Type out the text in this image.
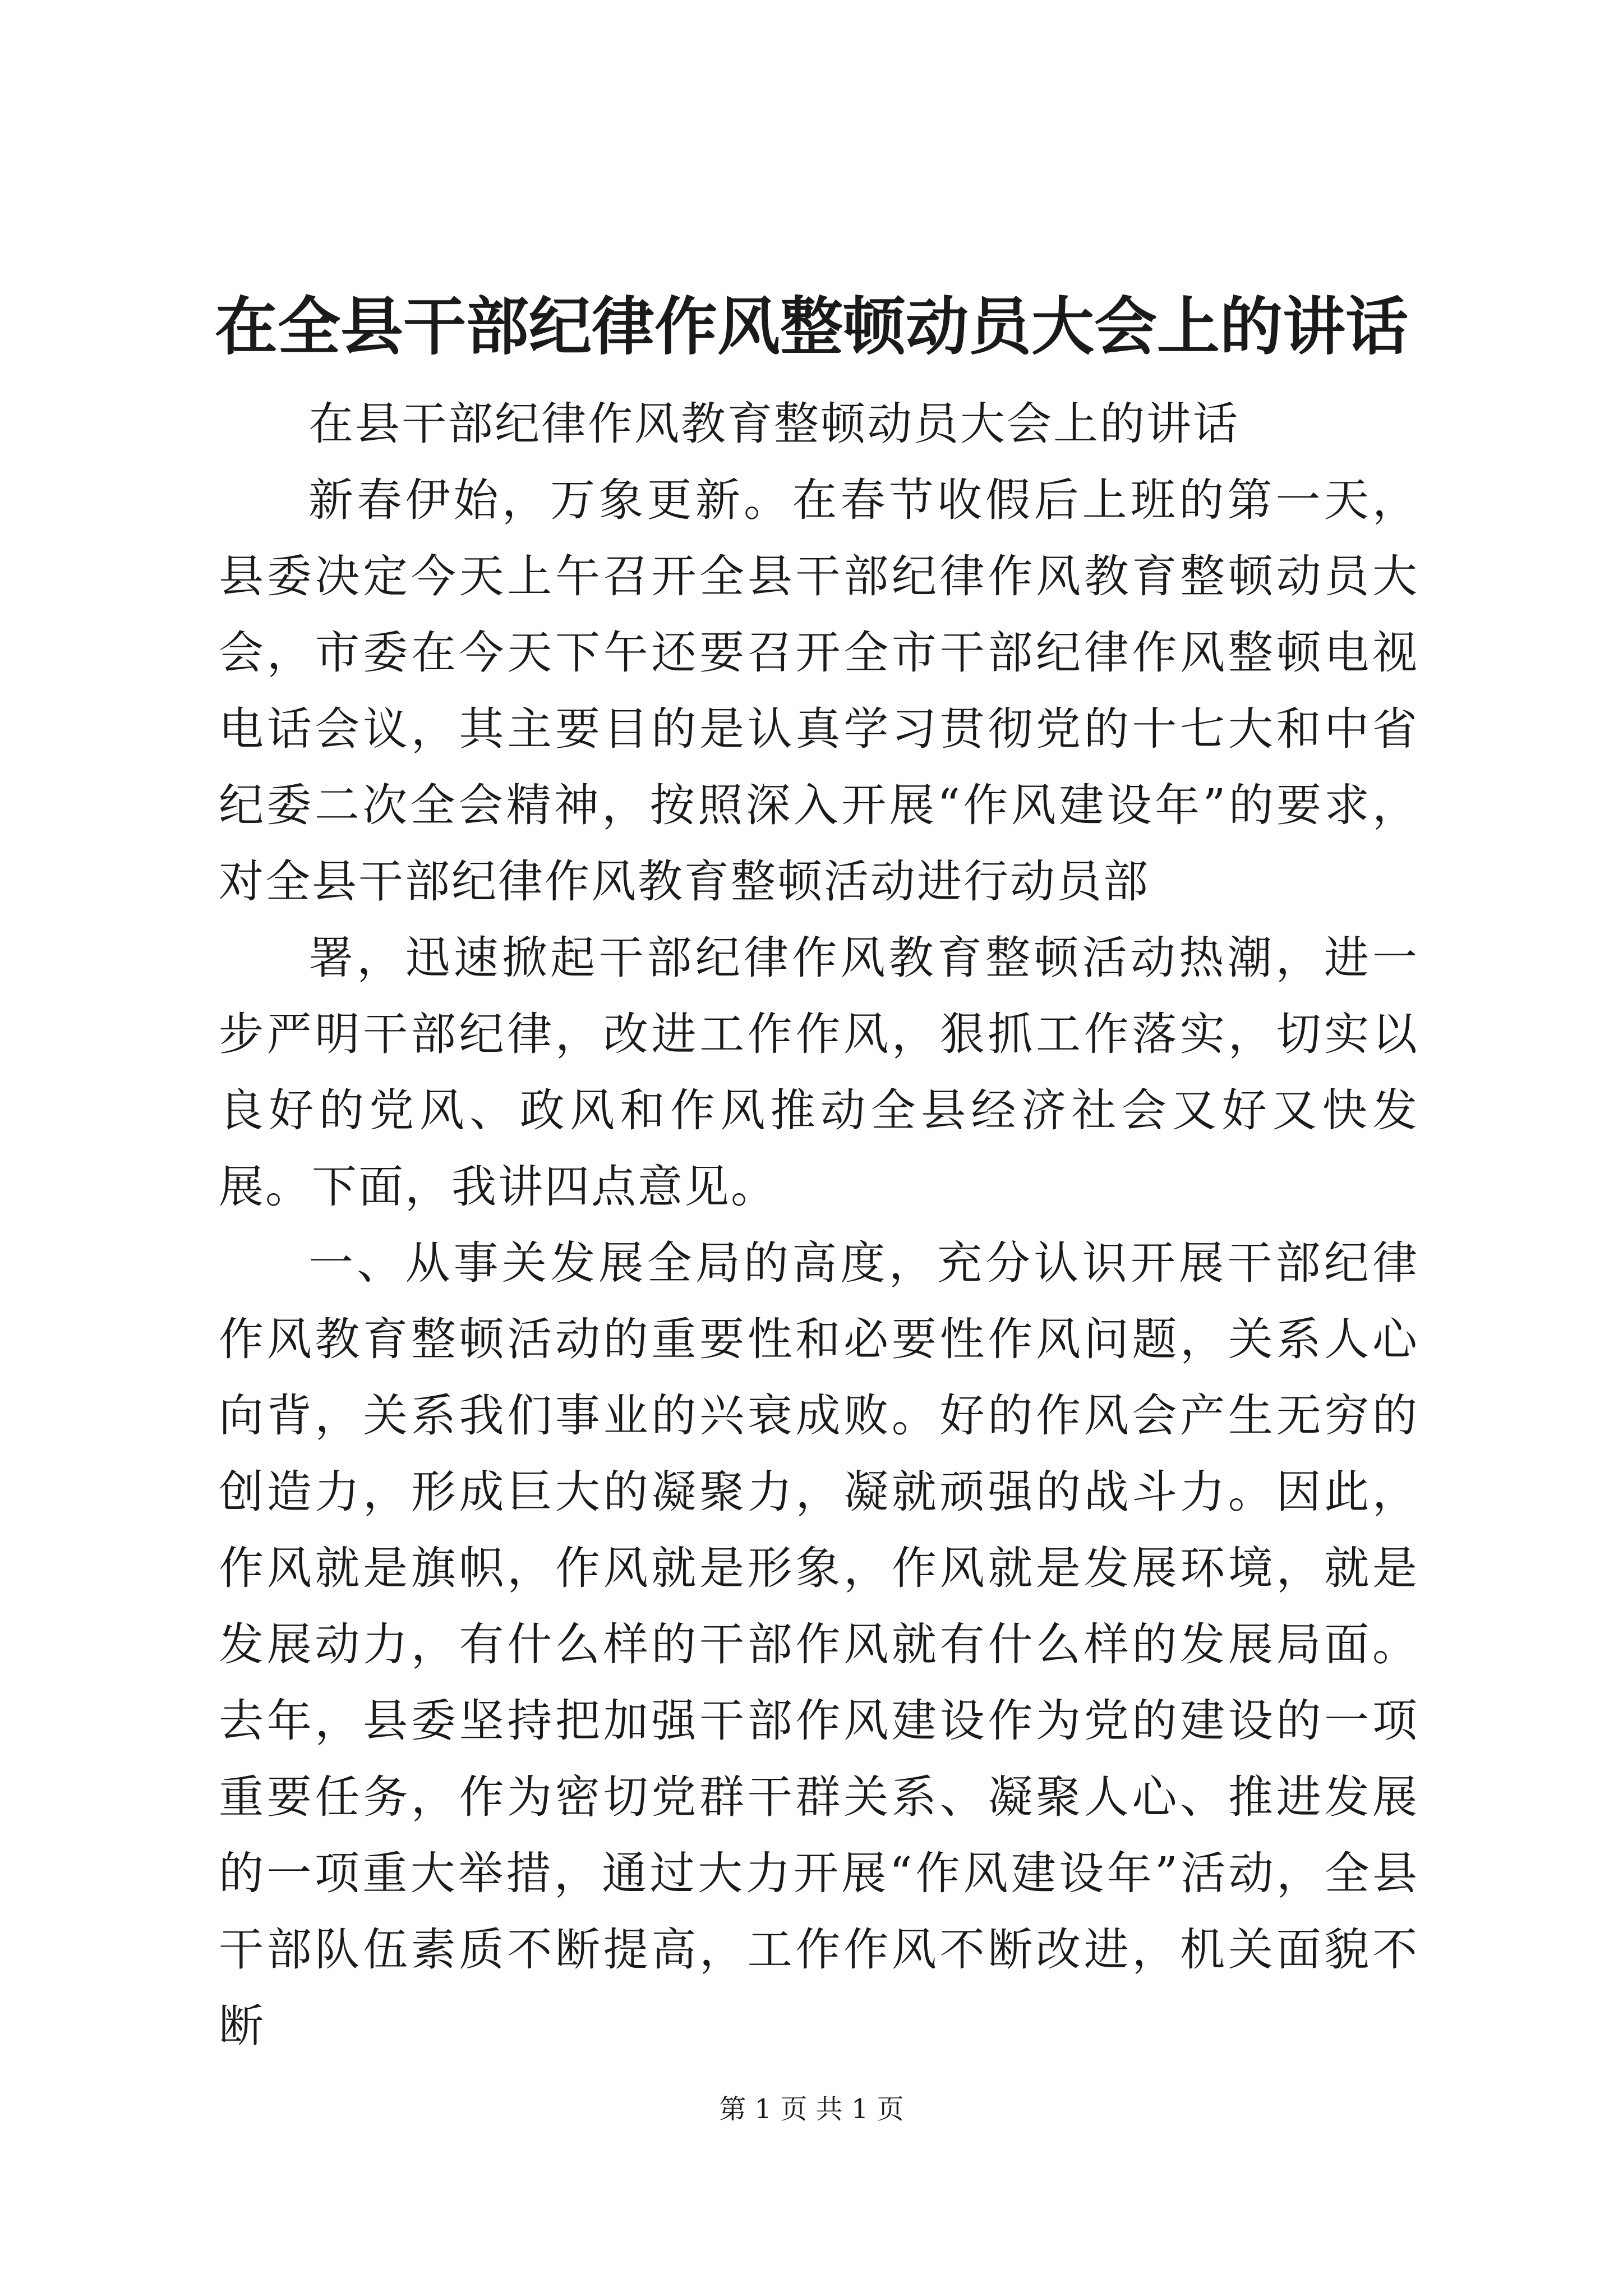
在全县干部纪律作风整顿动员大会上的讲话

在县干部纪律作风教育整顿动员大会上的讲话

新春伊始，万象更新。在春节收假后上班的第一天，县委决定今天上午召开全县干部纪律作风教育整顿动员大会，市委在今天下午还要召开全市干部纪律作风整顿电视电话会议，其主要目的是认真学习贯彻党的十七大和中省纪委二次全会精神，按照深入开展“作风建设年”的要求，对全县干部纪律作风教育整顿活动进行动员部

署，迅速掀起干部纪律作风教育整顿活动热潮，进一步严明干部纪律，改进工作作风，狠抓工作落实，切实以良好的党风、政风和作风推动全县经济社会又好又快发展。下面，我讲四点意见。

一、从事关发展全局的高度，充分认识开展干部纪律作风教育整顿活动的重要性和必要性作风问题，关系人心向背，关系我们事业的兴衰成败。好的作风会产生无穷的创造力，形成巨大的凝聚力，凝就顽强的战斗力。因此，作风就是旗帜，作风就是形象，作风就是发展环境，就是发展动力，有什么样的干部作风就有什么样的发展局面。去年，县委坚持把加强干部作风建设作为党的建设的一项重要任务，作为密切党群干群关系、凝聚人心、推进发展的一项重大举措，通过大力开展“作风建设年”活动，全县干部队伍素质不断提高，工作作风不断改进，机关面貌不断

第 1 页 共 1 页
